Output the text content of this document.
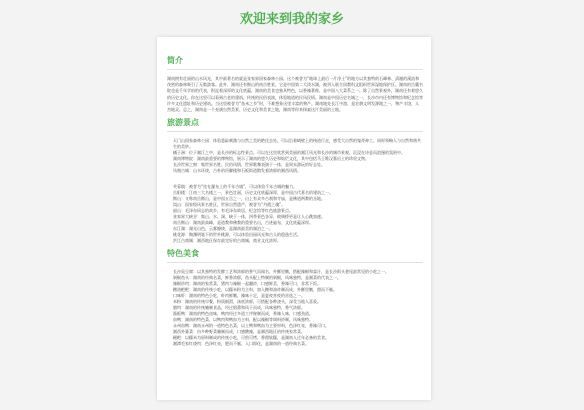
欢迎来到我的家乡
简介

湖南拥有壮丽的山水风光，其中最著名的就是张家界国家森林公园。这个被誉为“地球上最后一片净土”的地方以其独特的石峰林、清澈的溪流和茂密的森林吸引了无数游客。此外，湖南还有衡山的南岳胜景，它是中国第二大淡水湖，被列入联合国教科文组织世界湿地保护区。湖南的岳麓书院也是千年学府的代表，积淀着深厚的文化底蕴。湖南的美食也独具特色，以香辣著称，是中国八大菜系之一。除了自然景观外，湖南还有着悠久的历史文化。你在这里可以看到古老的建筑、传统的民俗表演，体验地道的民风民情。湖南是中国历史名城之一，长沙市内还有博物馆和纪念馆等许多文化遗址和历史建筑。当这里被誉为“鱼米之乡”时，不难想象这里丰富的物产。湖南地处长江中游，是农耕文明发源地之一，物产丰饶，人杰地灵。总之，湖南是一个充满自然美景、历史文化和美食之地，湖南等你来探索这片美丽的土地。

旅游景点
天门山国家森林公园：体验悬险刺激与自然之美的绝佳去处。可以沿着峭壁上的栈道行走，感受大自然的鬼斧神工。同时领略人与自然和谐共生的美妙。
橘子洲：位于湘江之中，是长沙的标志性景点。可以在这里欣赏到美丽的湘江风光和长沙的城市景观，沉浸在诗意而浪漫的氛围中。
湖南博物院：湖南最重要的博物馆，展示了湖南的悠久历史和灿烂文化，其中包括马王堆汉墓出土的珍贵文物。
长沙世界之窗：集世界名胜、民俗风情、世界歌舞表演于一体，是周末游玩的好去处。
凤凰古城：山水环绕，古朴的吊脚楼和石板街道散发着浓郁的湘西风情。
芙蓉镇：被誉为“挂在瀑布上的千年古镇”，可以体验千年古城的魅力。
岳阳楼：江南三大名楼之一，景色壮丽，历史文化底蕴深厚，是中国古代著名的建筑之一。
衡山：又称南岳衡山，是中国五岳之一，山上有众多古刹和寺庙，是佛道两教的圣地。
崀山：国家级风景名胜区，世界自然遗产，被誉为“丹霞之魂”。
韶山：毛泽东同志的故乡，有毛泽东故居、纪念馆等红色旅游景点。
张家界大峡谷：集山、水、洞、峡于一体，四季景色各异，玻璃桥更是让人心跳加速。
南岳衡山：湖南最高峰，是道教和佛教的重要名山，古迹遍布，文化底蕴深厚。
东江湖：湖光山色，云雾缭绕，是湖南最美的湖泊之一。
桃花源：陶渊明笔下的世外桃源，可以体验田园风光和古人的隐逸生活。
洪江古商城：湘西地区保存最完好的古商城，商业文化浓厚。
特色美食
长沙臭豆腐：以其独特的发酵工艺和浓郁的香气而闻名，外酥里嫩，搭配辣椒和蒜汁，是长沙街头巷尾最常见的小吃之一。
剁椒鱼头：湖南的经典名菜，鲜香浓郁，鱼头配上特制的剁椒，风味独特，是湘菜的代表之一。
辣椒炒肉：湖南的家常菜，猪肉与辣椒一起翻炒，口感鲜美，香辣可口，非常下饭。
糖油粑粑：湖南的传统小吃，以糯米粉为主料，加入糖和油炸制而成，外酥里嫩，甜而不腻。
口味虾：湖南的特色小吃，虾肉鲜嫩，辣味十足，是夏夜宵夜的首选之一。
米粉：湖南的传统早餐，粉质细滑，汤底浓郁，可搭配各种浇头，深受当地人喜爱。
腊肉：湖南的传统腌制食品，经过烟熏和风干而成，风味独特，香气浓郁。
酱板鸭：湖南的特色卤味，鸭肉经过多道工序秘制而成，香辣入味，口感劲道。
血鸭：湖南的特色菜，以鸭肉和鸭血为主料，配以辣椒等调料炒制，风味独特。
永州血鸭：湖南永州的一道特色名菜，以土鸭和鸭血为主要材料，色泽红亮，香辣可口。
湘西外婆菜：由多种野菜腌制而成，口感酸辣，是湘西地区的传统家常菜。
糍粑：以糯米为原料制成的传统小吃，可煎可烤，香甜软糯，是湖南人过年必备的美食。
湘潭毛家红烧肉：色泽红亮，肥而不腻，入口即化，是湖南的一道经典名菜。
